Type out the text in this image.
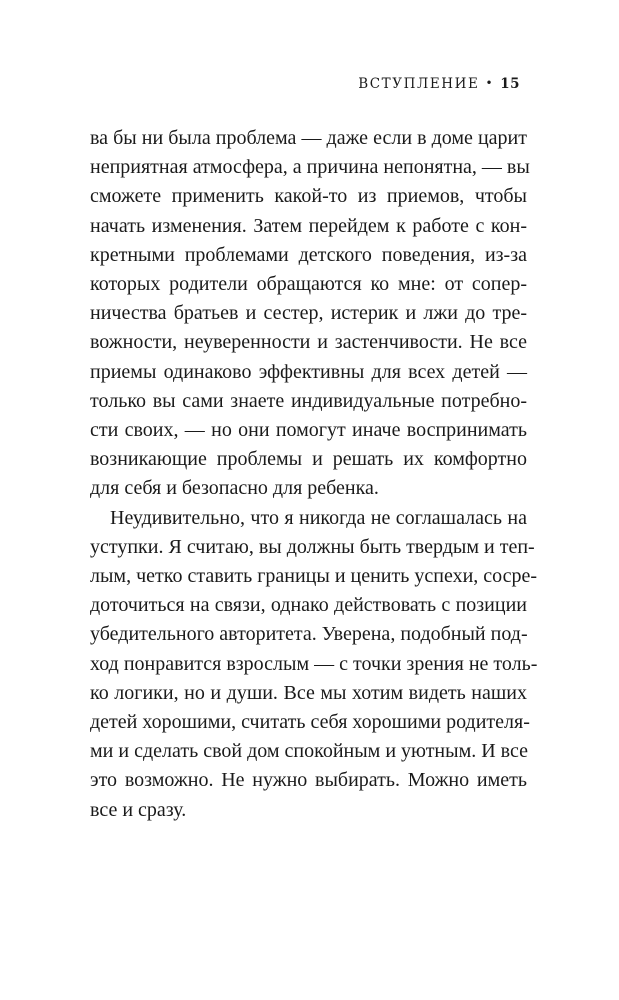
ВСТУПЛЕНИЕ • 15
ва бы ни была проблема — даже если в доме царит
неприятная атмосфера, а причина непонятна, — вы
сможете применить какой-то из приемов, чтобы
начать изменения. Затем перейдем к работе с кон-
кретными проблемами детского поведения, из-за
которых родители обращаются ко мне: от сопер-
ничества братьев и сестер, истерик и лжи до тре-
вожности, неуверенности и застенчивости. Не все
приемы одинаково эффективны для всех детей —
только вы сами знаете индивидуальные потребно-
сти своих, — но они помогут иначе воспринимать
возникающие проблемы и решать их комфортно
для себя и безопасно для ребенка.
Неудивительно, что я никогда не соглашалась на
уступки. Я считаю, вы должны быть твердым и теп-
лым, четко ставить границы и ценить успехи, сосре-
доточиться на связи, однако действовать с позиции
убедительного авторитета. Уверена, подобный под-
ход понравится взрослым — с точки зрения не толь-
ко логики, но и души. Все мы хотим видеть наших
детей хорошими, считать себя хорошими родителя-
ми и сделать свой дом спокойным и уютным. И все
это возможно. Не нужно выбирать. Можно иметь
все и сразу.
